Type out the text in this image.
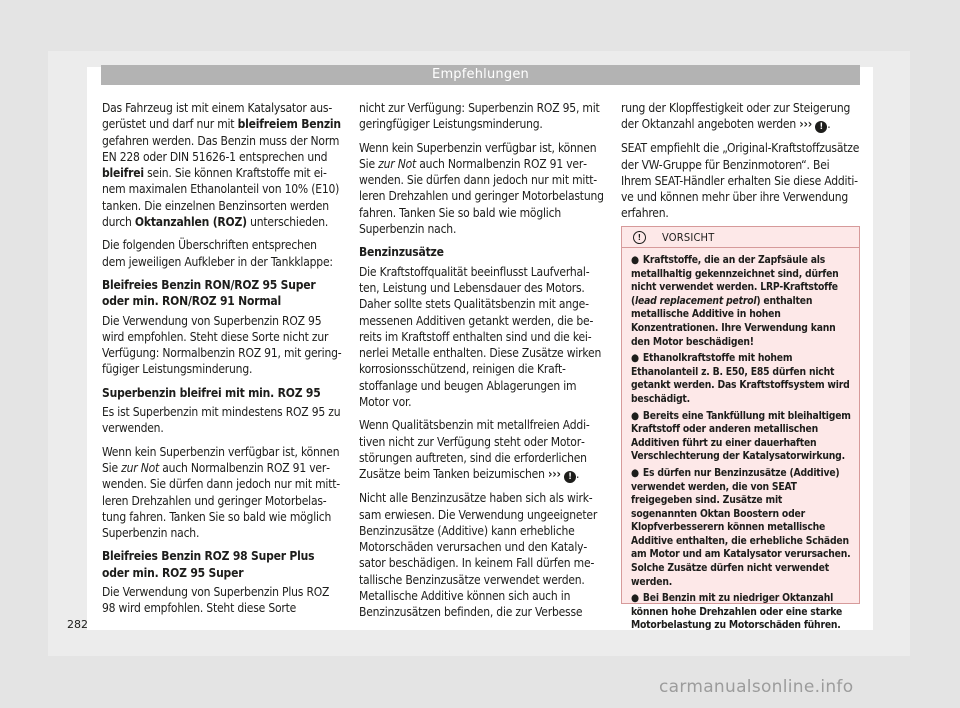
Empfehlungen

Das Fahrzeug ist mit einem Katalysator ausgerüstet und darf nur mit bleifreiem Benzin gefahren werden. Das Benzin muss der Norm EN 228 oder DIN 51626-1 entsprechen und bleifrei sein. Sie können Kraftstoffe mit einem maximalen Ethanolanteil von 10% (E10) tanken. Die einzelnen Benzinsorten werden durch Oktanzahlen (ROZ) unterschieden.

Die folgenden Überschriften entsprechen dem jeweiligen Aufkleber in der Tankklappe:

Bleifreies Benzin RON/ROZ 95 Super oder min. RON/ROZ 91 Normal

Die Verwendung von Superbenzin ROZ 95 wird empfohlen. Steht diese Sorte nicht zur Verfügung: Normalbenzin ROZ 91, mit geringfügiger Leistungsminderung.

Superbenzin bleifrei mit min. ROZ 95

Es ist Superbenzin mit mindestens ROZ 95 zu verwenden.

Wenn kein Superbenzin verfügbar ist, können Sie zur Not auch Normalbenzin ROZ 91 verwenden. Sie dürfen dann jedoch nur mit mittleren Drehzahlen und geringer Motorbelastung fahren. Tanken Sie so bald wie möglich Superbenzin nach.

Bleifreies Benzin ROZ 98 Super Plus oder min. ROZ 95 Super

Die Verwendung von Superbenzin Plus ROZ 98 wird empfohlen. Steht diese Sorte

nicht zur Verfügung: Superbenzin ROZ 95, mit geringfügiger Leistungsminderung.

Wenn kein Superbenzin verfügbar ist, können Sie zur Not auch Normalbenzin ROZ 91 verwenden. Sie dürfen dann jedoch nur mit mittleren Drehzahlen und geringer Motorbelastung fahren. Tanken Sie so bald wie möglich Superbenzin nach.

Benzinzusätze

Die Kraftstoffqualität beeinflusst Laufverhalten, Leistung und Lebensdauer des Motors. Daher sollte stets Qualitätsbenzin mit angemessenen Additiven getankt werden, die bereits im Kraftstoff enthalten sind und die keinerlei Metalle enthalten. Diese Zusätze wirken korrosionsschützend, reinigen die Kraftstoffanlage und beugen Ablagerungen im Motor vor.

Wenn Qualitätsbenzin mit metallfreien Additiven nicht zur Verfügung steht oder Motorstörungen auftreten, sind die erforderlichen Zusätze beim Tanken beizumischen ››› ! .

Nicht alle Benzinzusätze haben sich als wirksam erwiesen. Die Verwendung ungeeigneter Benzinzusätze (Additive) kann erhebliche Motorschäden verursachen und den Katalysator beschädigen. In keinem Fall dürfen metallische Benzinzusätze verwendet werden. Metallische Additive können sich auch in Benzinzusätzen befinden, die zur Verbesse

rung der Klopffestigkeit oder zur Steigerung der Oktanzahl angeboten werden ››› ! .

SEAT empfiehlt die „Original-Kraftstoffzusätze der VW-Gruppe für Benzinmotoren“. Bei Ihrem SEAT-Händler erhalten Sie diese Additive und können mehr über ihre Verwendung erfahren.

!	VORSICHT
● Kraftstoffe, die an der Zapfsäule als metallhaltig gekennzeichnet sind, dürfen nicht verwendet werden. LRP-Kraftstoffe (lead replacement petrol) enthalten metallische Additive in hohen Konzentrationen. Ihre Verwendung kann den Motor beschädigen!
● Ethanolkraftstoffe mit hohem Ethanolanteil z. B. E50, E85 dürfen nicht getankt werden. Das Kraftstoffsystem wird beschädigt.
● Bereits eine Tankfüllung mit bleihaltigem Kraftstoff oder anderen metallischen Additiven führt zu einer dauerhaften Verschlechterung der Katalysatorwirkung.
● Es dürfen nur Benzinzusätze (Additive) verwendet werden, die von SEAT freigegeben sind. Zusätze mit sogenannten Oktan Boostern oder Klopfverbesserern können metallische Additive enthalten, die erhebliche Schäden am Motor und am Katalysator verursachen. Solche Zusätze dürfen nicht verwendet werden.
● Bei Benzin mit zu niedriger Oktanzahl können hohe Drehzahlen oder eine starke Motorbelastung zu Motorschäden führen.
282
carmanualsonline.info
